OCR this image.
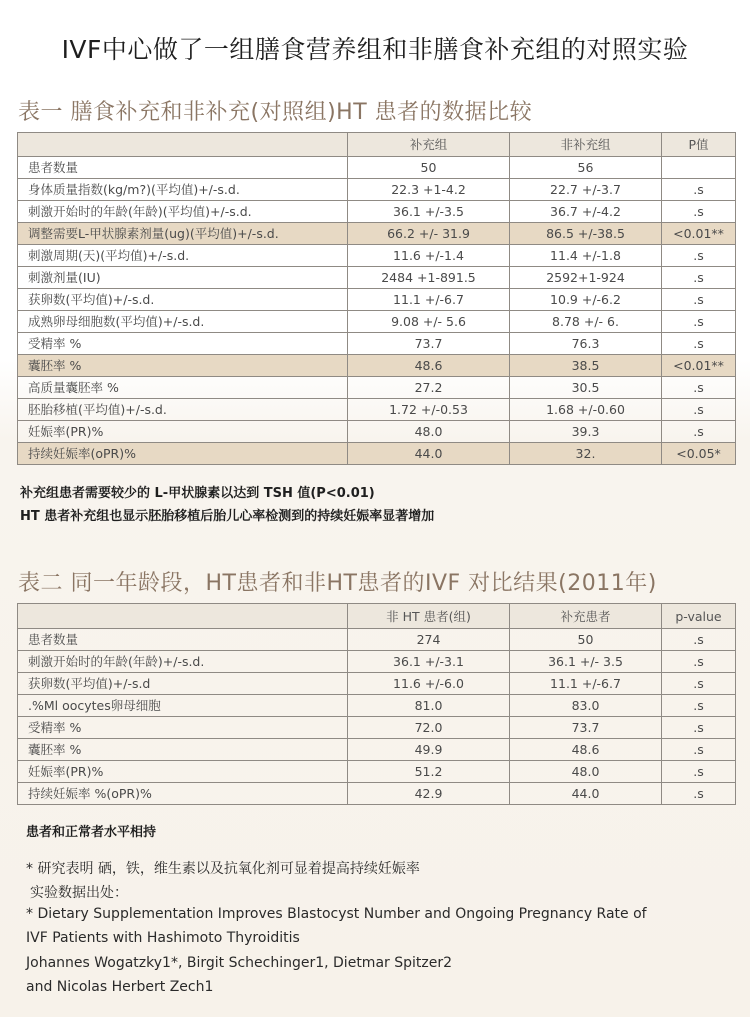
IVF中心做了一组膳食营养组和非膳食补充组的对照实验
表一 膳食补充和非补充(对照组)HT 患者的数据比较
	补充组	非补充组	P值
患者数量	50	56	
身体质量指数(kg/m?)(平均值)+/-s.d.	22.3 +1-4.2	22.7 +/-3.7	.s
刺激开始时的年龄(年龄)(平均值)+/-s.d.	36.1 +/-3.5	36.7 +/-4.2	.s
调整需要L-甲状腺素剂量(ug)(平均值)+/-s.d.	66.2 +/- 31.9	86.5 +/-38.5	<0.01**
刺激周期(天)(平均值)+/-s.d.	11.6 +/-1.4	11.4 +/-1.8	.s
刺激剂量(IU)	2484 +1-891.5	2592+1-924	.s
获卵数(平均值)+/-s.d.	11.1 +/-6.7	10.9 +/-6.2	.s
成熟卵母细胞数(平均值)+/-s.d.	9.08 +/- 5.6	8.78 +/- 6.	.s
受精率 %	73.7	76.3	.s
囊胚率 %	48.6	38.5	<0.01**
高质量囊胚率 %	27.2	30.5	.s
胚胎移植(平均值)+/-s.d.	1.72 +/-0.53	1.68 +/-0.60	.s
妊娠率(PR)%	48.0	39.3	.s
持续妊娠率(oPR)%	44.0	32.	<0.05*
补充组患者需要较少的 L-甲状腺素以达到 TSH 值(P<0.01)
HT 患者补充组也显示胚胎移植后胎儿心率检测到的持续妊娠率显著增加
表二 同一年龄段，HT患者和非HT患者的IVF 对比结果(2011年)
	非 HT 患者(组)	补充患者	p-value
患者数量	274	50	.s
刺激开始时的年龄(年龄)+/-s.d.	36.1 +/-3.1	36.1 +/- 3.5	.s
获卵数(平均值)+/-s.d	11.6 +/-6.0	11.1 +/-6.7	.s
.%Ml oocytes卵母细胞	81.0	83.0	.s
受精率 %	72.0	73.7	.s
囊胚率 %	49.9	48.6	.s
妊娠率(PR)%	51.2	48.0	.s
持续妊娠率 %(oPR)%	42.9	44.0	.s
患者和正常者水平相持
* 研究表明 硒，铁，维生素以及抗氧化剂可显着提高持续妊娠率
实验数据出处：
* Dietary Supplementation Improves Blastocyst Number and Ongoing Pregnancy Rate of
IVF Patients with Hashimoto Thyroiditis
Johannes Wogatzky1*, Birgit Schechinger1, Dietmar Spitzer2
and Nicolas Herbert Zech1
